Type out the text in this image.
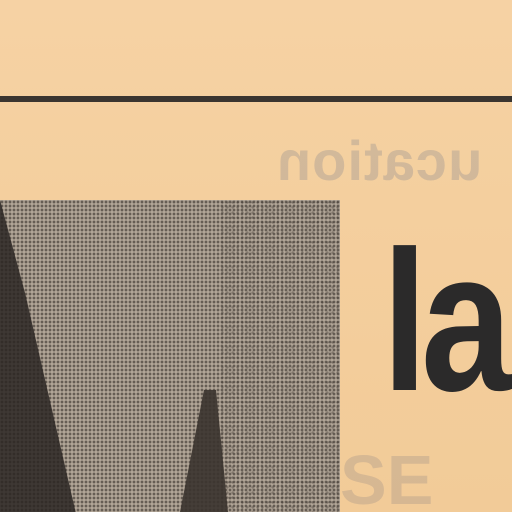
ucation
SE
la
